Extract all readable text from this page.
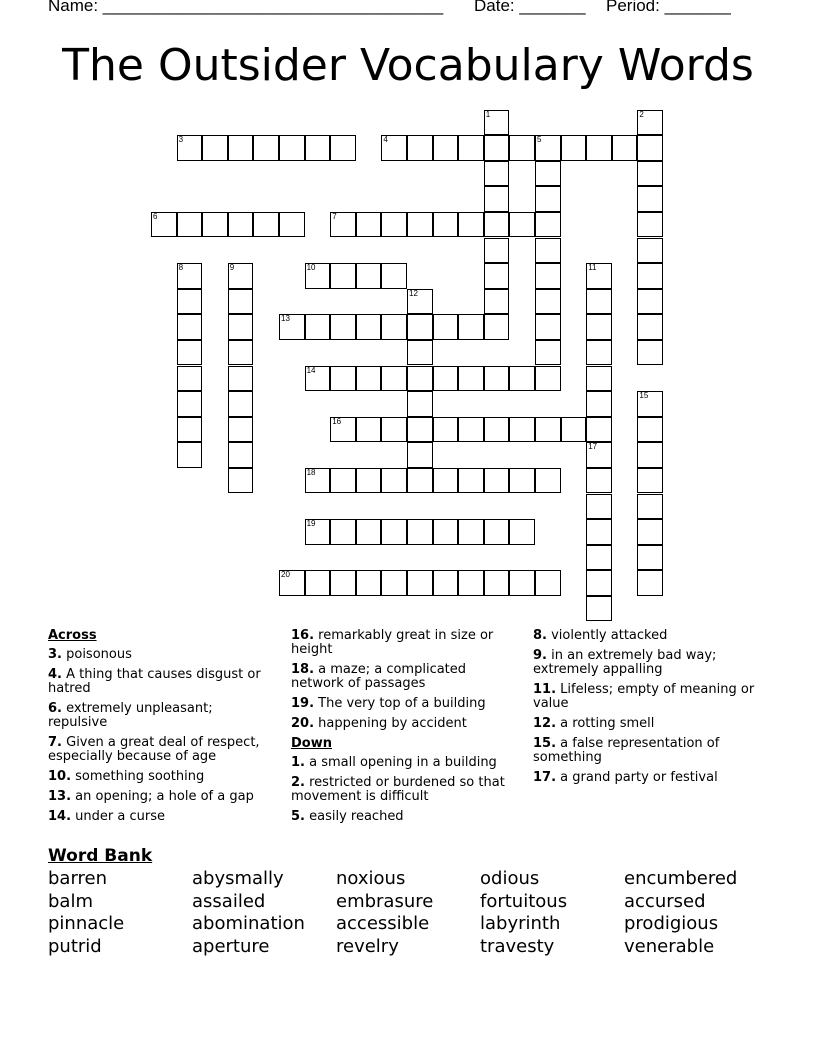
Name: ____________________________________ Date: _______ Period: _______
The Outsider Vocabulary Words
1	2
3	4	5
6	7
8	9	10	11
12
13
14
15
16
17
18
19
20
Across
3. poisonous
4. A thing that causes disgust or hatred
6. extremely unpleasant; repulsive
7. Given a great deal of respect, especially because of age
10. something soothing
13. an opening; a hole of a gap
14. under a curse
16. remarkably great in size or height
18. a maze; a complicated network of passages
19. The very top of a building
20. happening by accident
Down
1. a small opening in a building
2. restricted or burdened so that movement is difficult
5. easily reached
8. violently attacked
9. in an extremely bad way; extremely appalling
11. Lifeless; empty of meaning or value
12. a rotting smell
15. a false representation of something
17. a grand party or festival
Word Bank
barren
balm
pinnacle
putrid
abysmally
assailed
abomination
aperture
noxious
embrasure
accessible
revelry
odious
fortuitous
labyrinth
travesty
encumbered
accursed
prodigious
venerable
